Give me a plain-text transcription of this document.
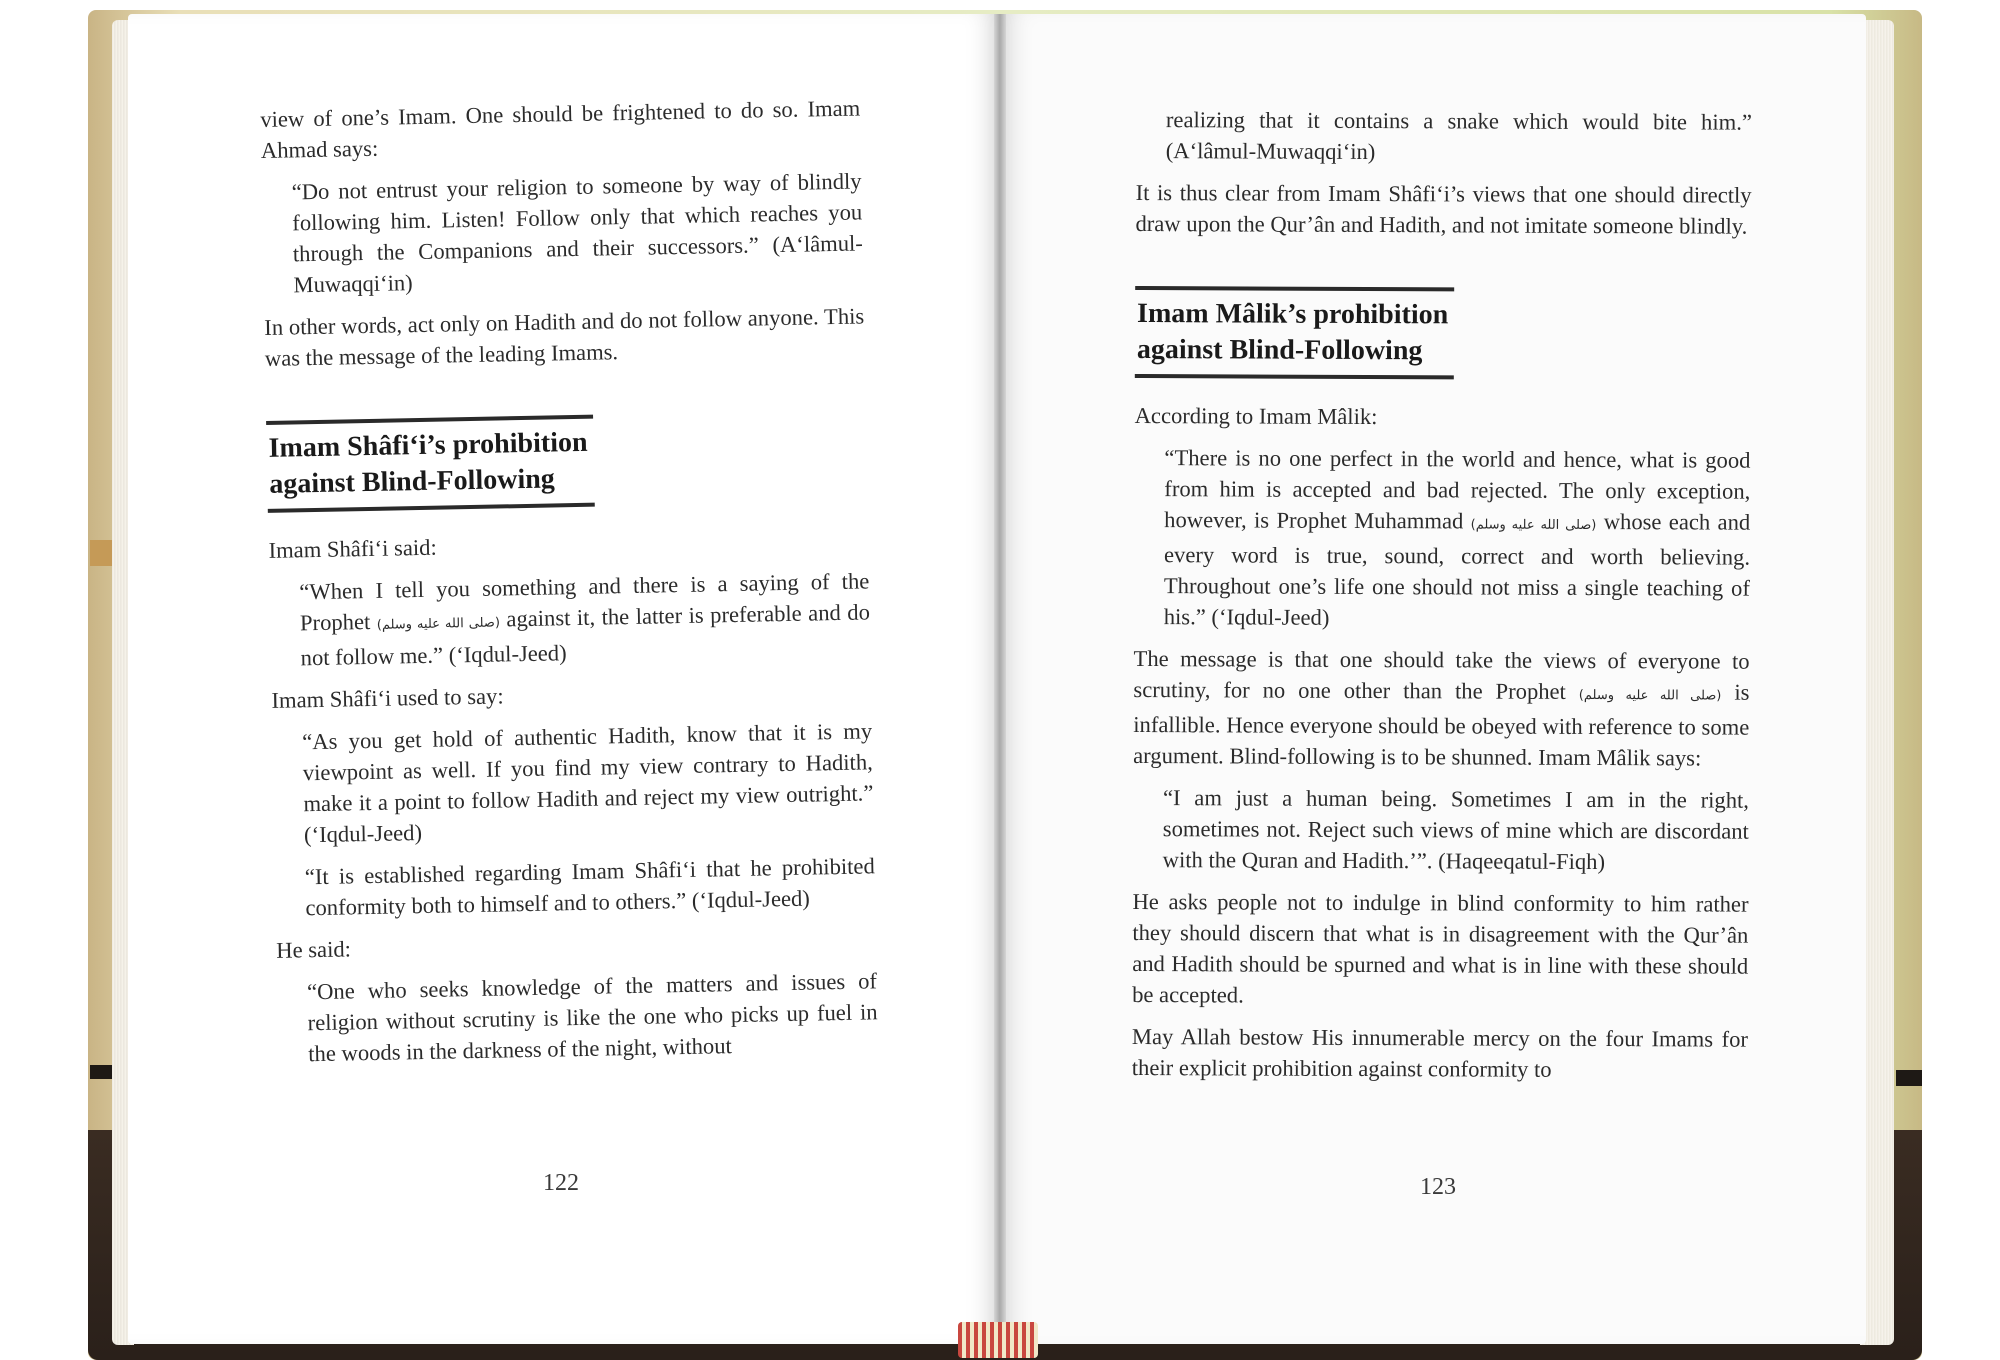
view of one’s Imam. One should be frightened to do so. Imam Ahmad says:

“Do not entrust your religion to someone by way of blindly following him. Listen! Follow only that which reaches you through the Companions and their successors.” (A‘lâmul-Muwaqqi‘in)

In other words, act only on Hadith and do not follow anyone. This was the message of the leading Imams.

Imam Shâfi‘i’s prohibition
against Blind-Following

Imam Shâfi‘i said:

“When I tell you something and there is a saying of the Prophet (صلى الله عليه وسلم) against it, the latter is preferable and do not follow me.” (‘Iqdul-Jeed)

Imam Shâfi‘i used to say:

“As you get hold of authentic Hadith, know that it is my viewpoint as well. If you find my view contrary to Hadith, make it a point to follow Hadith and reject my view outright.” (‘Iqdul-Jeed)

“It is established regarding Imam Shâfi‘i that he prohibited conformity both to himself and to others.” (‘Iqdul-Jeed)

He said:

“One who seeks knowledge of the matters and issues of religion without scrutiny is like the one who picks up fuel in the woods in the darkness of the night, without

122

realizing that it contains a snake which would bite him.” (A‘lâmul-Muwaqqi‘in)

It is thus clear from Imam Shâfi‘i’s views that one should directly draw upon the Qur’ân and Hadith, and not imitate someone blindly.

Imam Mâlik’s prohibition
against Blind-Following

According to Imam Mâlik:

“There is no one perfect in the world and hence, what is good from him is accepted and bad rejected. The only exception, however, is Prophet Muhammad (صلى الله عليه وسلم) whose each and every word is true, sound, correct and worth believing. Throughout one’s life one should not miss a single teaching of his.” (‘Iqdul-Jeed)

The message is that one should take the views of everyone to scrutiny, for no one other than the Prophet (صلى الله عليه وسلم) is infallible. Hence everyone should be obeyed with reference to some argument. Blind-following is to be shunned. Imam Mâlik says:

“I am just a human being. Sometimes I am in the right, sometimes not. Reject such views of mine which are discordant with the Quran and Hadith.’”. (Haqeeqatul-Fiqh)

He asks people not to indulge in blind conformity to him rather they should discern that what is in disagreement with the Qur’ân and Hadith should be spurned and what is in line with these should be accepted.

May Allah bestow His innumerable mercy on the four Imams for their explicit prohibition against conformity to

123
